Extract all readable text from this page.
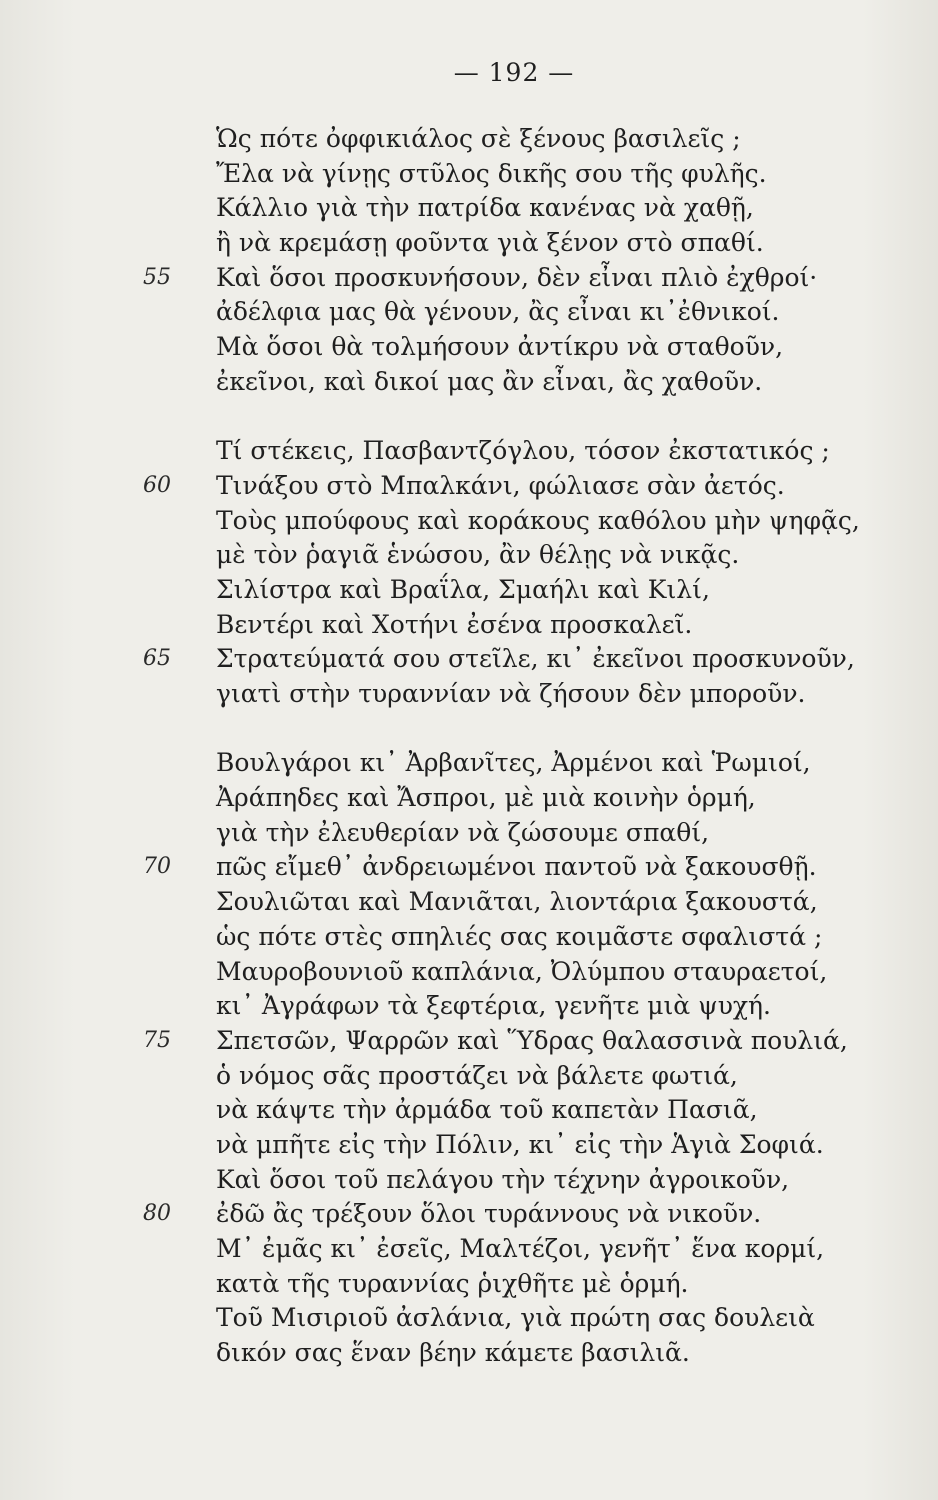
— 192 —
Ὡς πότε ὀφφικιάλος σὲ ξένους βασιλεῖς ;
Ἔλα νὰ γίνῃς στῦλος δικῆς σου τῆς φυλῆς.
Κάλλιο γιὰ τὴν πατρίδα κανένας νὰ χαθῇ,
ἢ νὰ κρεμάσῃ φοῦντα γιὰ ξένον στὸ σπαθί.
55	Καὶ ὅσοι προσκυνήσουν, δὲν εἶναι πλιὸ ἐχθροί·
ἀδέλφια μας θὰ γένουν, ἂς εἶναι κι᾽ἐθνικοί.
Μὰ ὅσοι θὰ τολμήσουν ἀντίκρυ νὰ σταθοῦν,
ἐκεῖνοι, καὶ δικοί μας ἂν εἶναι, ἂς χαθοῦν.
Τί στέκεις, Πασβαντζόγλου, τόσον ἐκστατικός ;
60	Τινάξου στὸ Μπαλκάνι, φώλιασε σὰν ἀετός.
Τοὺς μπούφους καὶ κοράκους καθόλου μὴν ψηφᾷς,
μὲ τὸν ῥαγιᾶ ἑνώσου, ἂν θέλῃς νὰ νικᾷς.
Σιλίστρα καὶ Βραΐλα, Σμαήλι καὶ Κιλί,
Βεντέρι καὶ Χοτήνι ἐσένα προσκαλεῖ.
65	Στρατεύματά σου στεῖλε, κι᾽ ἐκεῖνοι προσκυνοῦν,
γιατὶ στὴν τυραννίαν νὰ ζήσουν δὲν μποροῦν.
Βουλγάροι κι᾽ Ἀρβανῖτες, Ἀρμένοι καὶ Ῥωμιοί,
Ἀράπηδες καὶ Ἄσπροι, μὲ μιὰ κοινὴν ὁρμή,
γιὰ τὴν ἐλευθερίαν νὰ ζώσουμε σπαθί,
70	πῶς εἴμεθ᾽ ἀνδρειωμένοι παντοῦ νὰ ξακουσθῇ.
Σουλιῶται καὶ Μανιᾶται, λιοντάρια ξακουστά,
ὡς πότε στὲς σπηλιές σας κοιμᾶστε σφαλιστά ;
Μαυροβουνιοῦ καπλάνια, Ὀλύμπου σταυραετοί,
κι᾽ Ἀγράφων τὰ ξεφτέρια, γενῆτε μιὰ ψυχή.
75	Σπετσῶν, Ψαρρῶν καὶ Ὕδρας θαλασσινὰ πουλιά,
ὁ νόμος σᾶς προστάζει νὰ βάλετε φωτιά,
νὰ κάψτε τὴν ἀρμάδα τοῦ καπετὰν Πασιᾶ,
νὰ μπῆτε εἰς τὴν Πόλιν, κι᾽ εἰς τὴν Ἁγιὰ Σοφιά.
Καὶ ὅσοι τοῦ πελάγου τὴν τέχνην ἀγροικοῦν,
80	ἐδῶ ἂς τρέξουν ὅλοι τυράννους νὰ νικοῦν.
Μ᾽ ἐμᾶς κι᾽ ἐσεῖς, Μαλτέζοι, γενῆτ᾽ ἕνα κορμί,
κατὰ τῆς τυραννίας ῥιχθῆτε μὲ ὁρμή.
Τοῦ Μισιριοῦ ἀσλάνια, γιὰ πρώτη σας δουλειὰ
δικόν σας ἕναν βέην κάμετε βασιλιᾶ.
